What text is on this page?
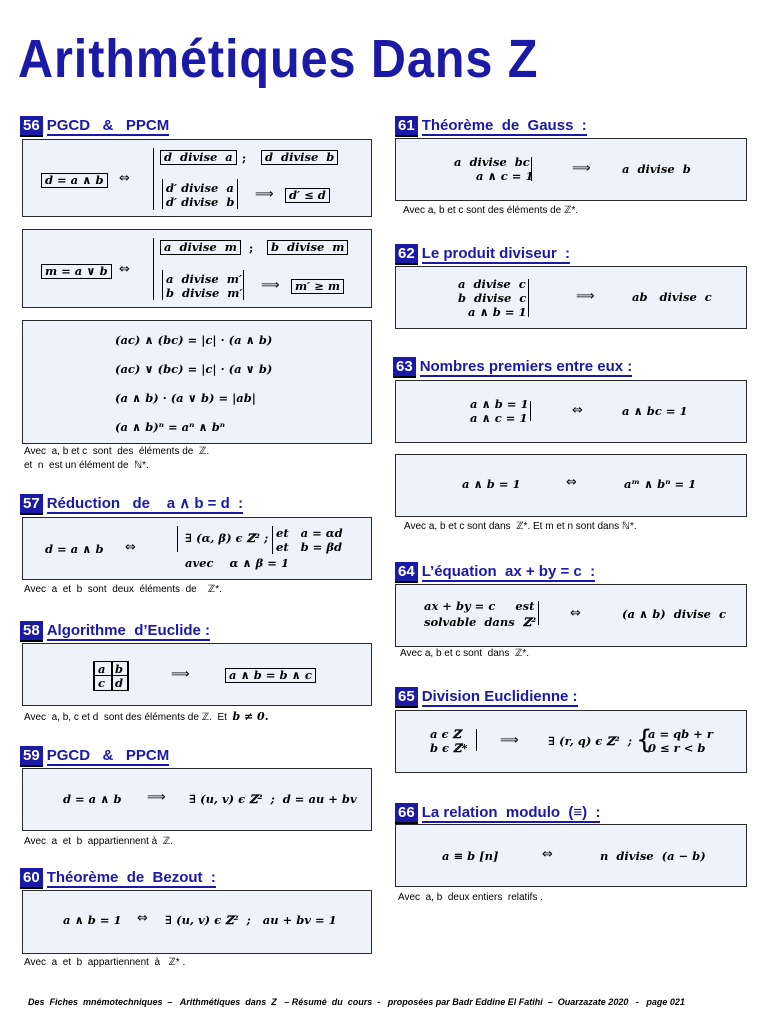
Arithmétiques Dans Z
56 PGCD   &   PPCM
d = a ∧ b	⇔
d  divise  a ;	d  divise  b
d′ divise  a
d′ divise  b ⟹	d′ ≤ d
m = a ∨ b ⇔
a  divise  m	;	b  divise  m
a  divise  m′
b  divise  m′ ⟹	m′ ≥ m
(ac) ∧ (bc) = |c| · (a ∧ b)
(ac) ∨ (bc) = |c| · (a ∨ b)
(a ∧ b) · (a ∨ b) = |ab|
(a ∧ b)ⁿ = aⁿ ∧ bⁿ
Avec  a, b et c  sont  des  éléments de  ℤ.
et  n  est un élément de  ℕ*.
57 Réduction   de    a ∧ b = d  :
d = a ∧ b ⇔
∃ (α, β) ϵ ℤ² ; et   a = αd
et   b = βd
avec    α ∧ β = 1
Avec  a  et  b  sont  deux  éléments  de    ℤ*.
58 Algorithme  d’Euclide :
a b
c d
⟹	a ∧ b = b ∧ c
Avec  a, b, c et d  sont des éléments de ℤ.  Et  b ≠ 0.
59 PGCD   &   PPCM
d = a ∧ b ⟹ ∃ (u, v) ϵ ℤ²  ;  d = au + bv
Avec  a  et  b  appartiennent à  ℤ.
60 Théorème  de  Bezout  :
a ∧ b = 1 ⇔ ∃ (u, v) ϵ ℤ²  ;   au + bv = 1
Avec  a  et  b  appartiennent  à   ℤ* .
61 Théorème  de  Gauss  :
a  divise  bc
a ∧ c = 1	⟹	a  divise  b
Avec a, b et c sont des éléments de ℤ*.
62 Le produit diviseur  :
a  divise  c
b  divise  c
a ∧ b = 1
⟹	ab   divise  c
63 Nombres premiers entre eux :
a ∧ b = 1
a ∧ c = 1	⇔	a ∧ bc = 1
a ∧ b = 1	⇔	aᵐ ∧ bⁿ = 1
Avec a, b et c sont dans  ℤ*. Et m et n sont dans ℕ*.
64 L’équation  ax + by = c  :
ax + by = c     est
solvable  dans  ℤ²
⇔	(a ∧ b)  divise  c
Avec a, b et c sont  dans  ℤ*.
65 Division Euclidienne :
a ϵ ℤ
b ϵ ℤ*	⟹	∃ (r, q) ϵ ℤ²  ; {
a = qb + r
0 ≤ r < b
66 La relation  modulo  (≡)  :
a ≡ b [n]	⇔	n  divise  (a − b)
Avec  a, b  deux entiers  relatifs .
Des  Fiches  mnémotechniques  –   Arithmétiques  dans  Z   – Résumé  du  cours  -   proposées par Badr Eddine El Fatihi  –  Ouarzazate 2020   -   page 021
